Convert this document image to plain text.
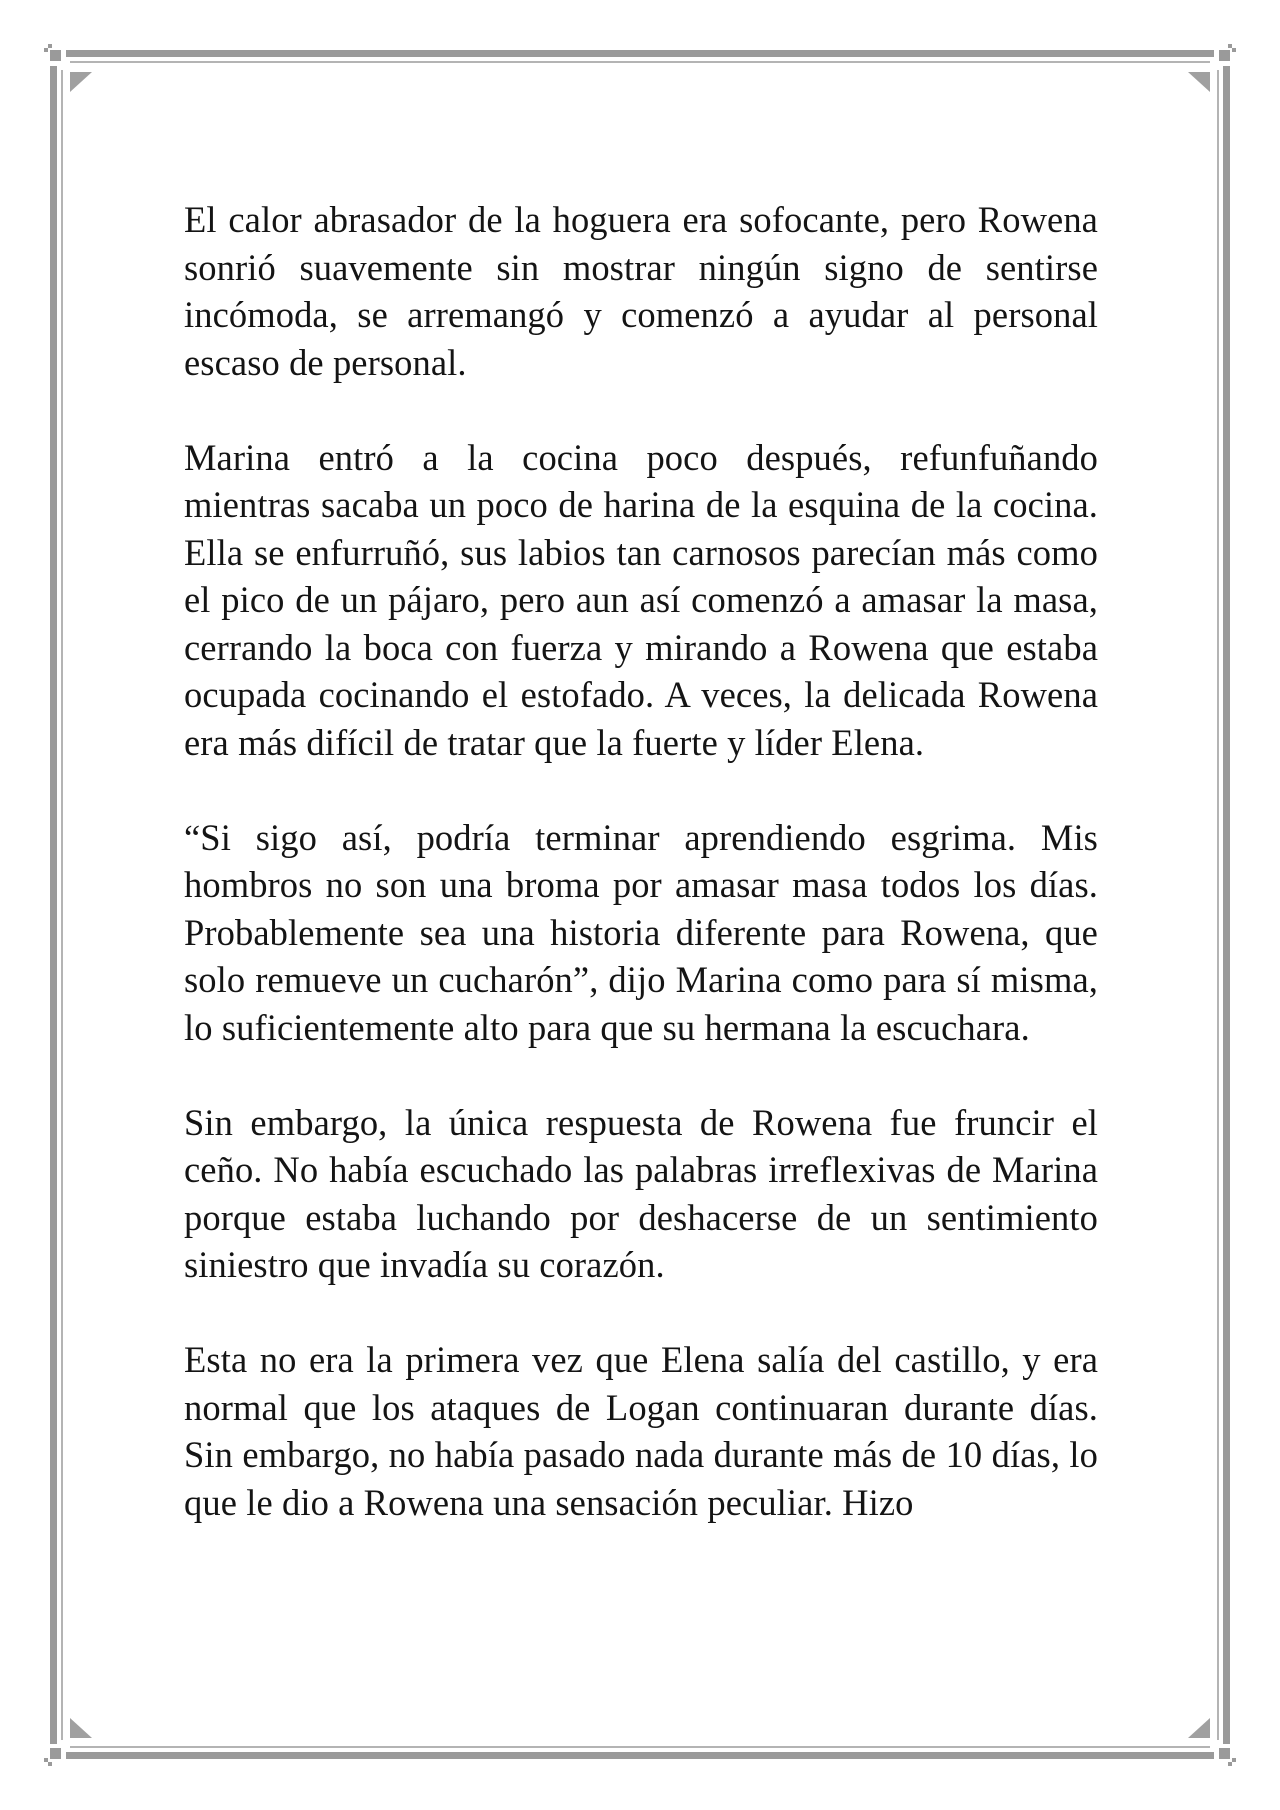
El calor abrasador de la hoguera era sofocante, pero Rowena sonrió suavemente sin mostrar ningún signo de sentirse incómoda, se arremangó y comenzó a ayudar al personal escaso de personal.

Marina entró a la cocina poco después, refunfuñando mientras sacaba un poco de harina de la esquina de la cocina. Ella se enfurruñó, sus labios tan carnosos parecían más como el pico de un pájaro, pero aun así comenzó a amasar la masa, cerrando la boca con fuerza y mirando a Rowena que estaba ocupada cocinando el estofado. A veces, la delicada Rowena era más difícil de tratar que la fuerte y líder Elena.

“Si sigo así, podría terminar aprendiendo esgrima. Mis hombros no son una broma por amasar masa todos los días. Probablemente sea una historia diferente para Rowena, que solo remueve un cucharón”, dijo Marina como para sí misma, lo suficientemente alto para que su hermana la escuchara.

Sin embargo, la única respuesta de Rowena fue fruncir el ceño. No había escuchado las palabras irreflexivas de Marina porque estaba luchando por deshacerse de un sentimiento siniestro que invadía su corazón.

Esta no era la primera vez que Elena salía del castillo, y era normal que los ataques de Logan continuaran durante días. Sin embargo, no había pasado nada durante más de 10 días, lo que le dio a Rowena una sensación peculiar. Hizo
